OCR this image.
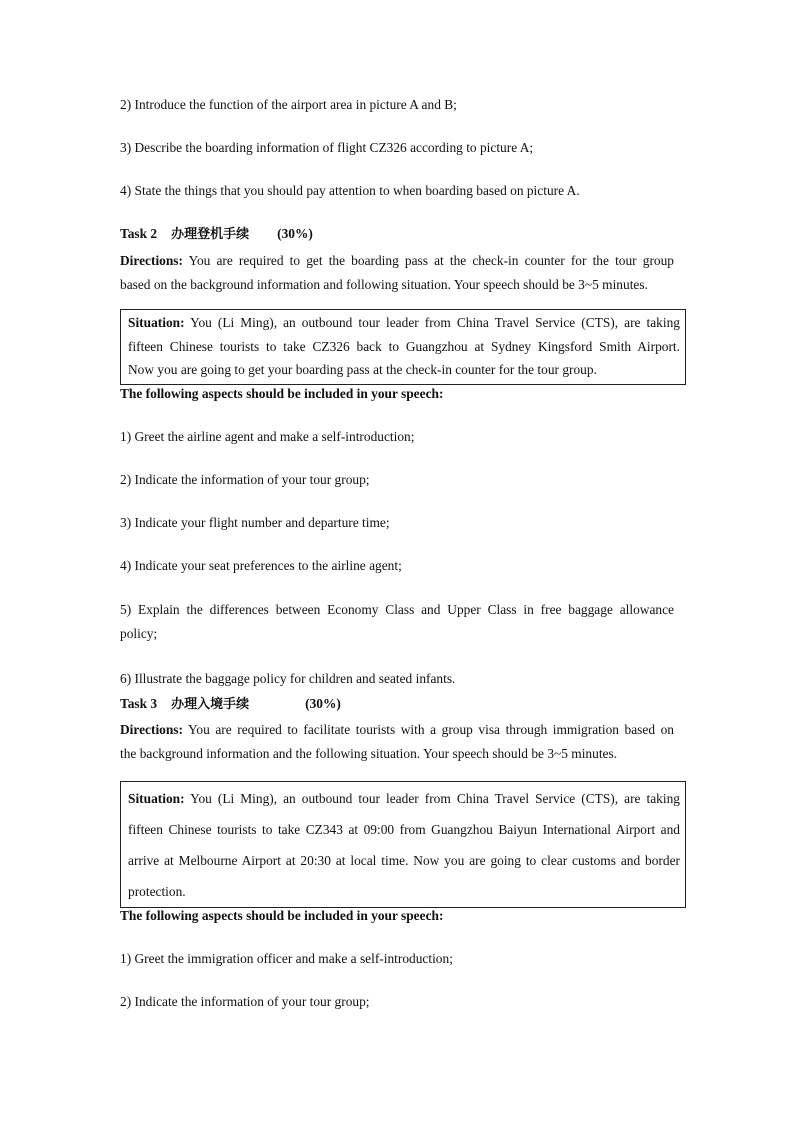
2) Introduce the function of the airport area in picture A and B;
3) Describe the boarding information of flight CZ326 according to picture A;
4) State the things that you should pay attention to when boarding based on picture A.
Task 2 办理登机手续 (30%)
Directions: You are required to get the boarding pass at the check-in counter for the tour group
based on the background information and following situation. Your speech should be 3~5 minutes.
Situation: You (Li Ming), an outbound tour leader from China Travel Service (CTS), are taking
fifteen Chinese tourists to take CZ326 back to Guangzhou at Sydney Kingsford Smith Airport.
Now you are going to get your boarding pass at the check-in counter for the tour group.
The following aspects should be included in your speech:
1) Greet the airline agent and make a self-introduction;
2) Indicate the information of your tour group;
3) Indicate your flight number and departure time;
4) Indicate your seat preferences to the airline agent;
5) Explain the differences between Economy Class and Upper Class in free baggage allowance
policy;
6) Illustrate the baggage policy for children and seated infants.
Task 3 办理入境手续	(30%)
Directions: You are required to facilitate tourists with a group visa through immigration based on
the background information and the following situation. Your speech should be 3~5 minutes.
Situation: You (Li Ming), an outbound tour leader from China Travel Service (CTS), are taking
fifteen Chinese tourists to take CZ343 at 09:00 from Guangzhou Baiyun International Airport and
arrive at Melbourne Airport at 20:30 at local time. Now you are going to clear customs and border
protection.
The following aspects should be included in your speech:
1) Greet the immigration officer and make a self-introduction;
2) Indicate the information of your tour group;
